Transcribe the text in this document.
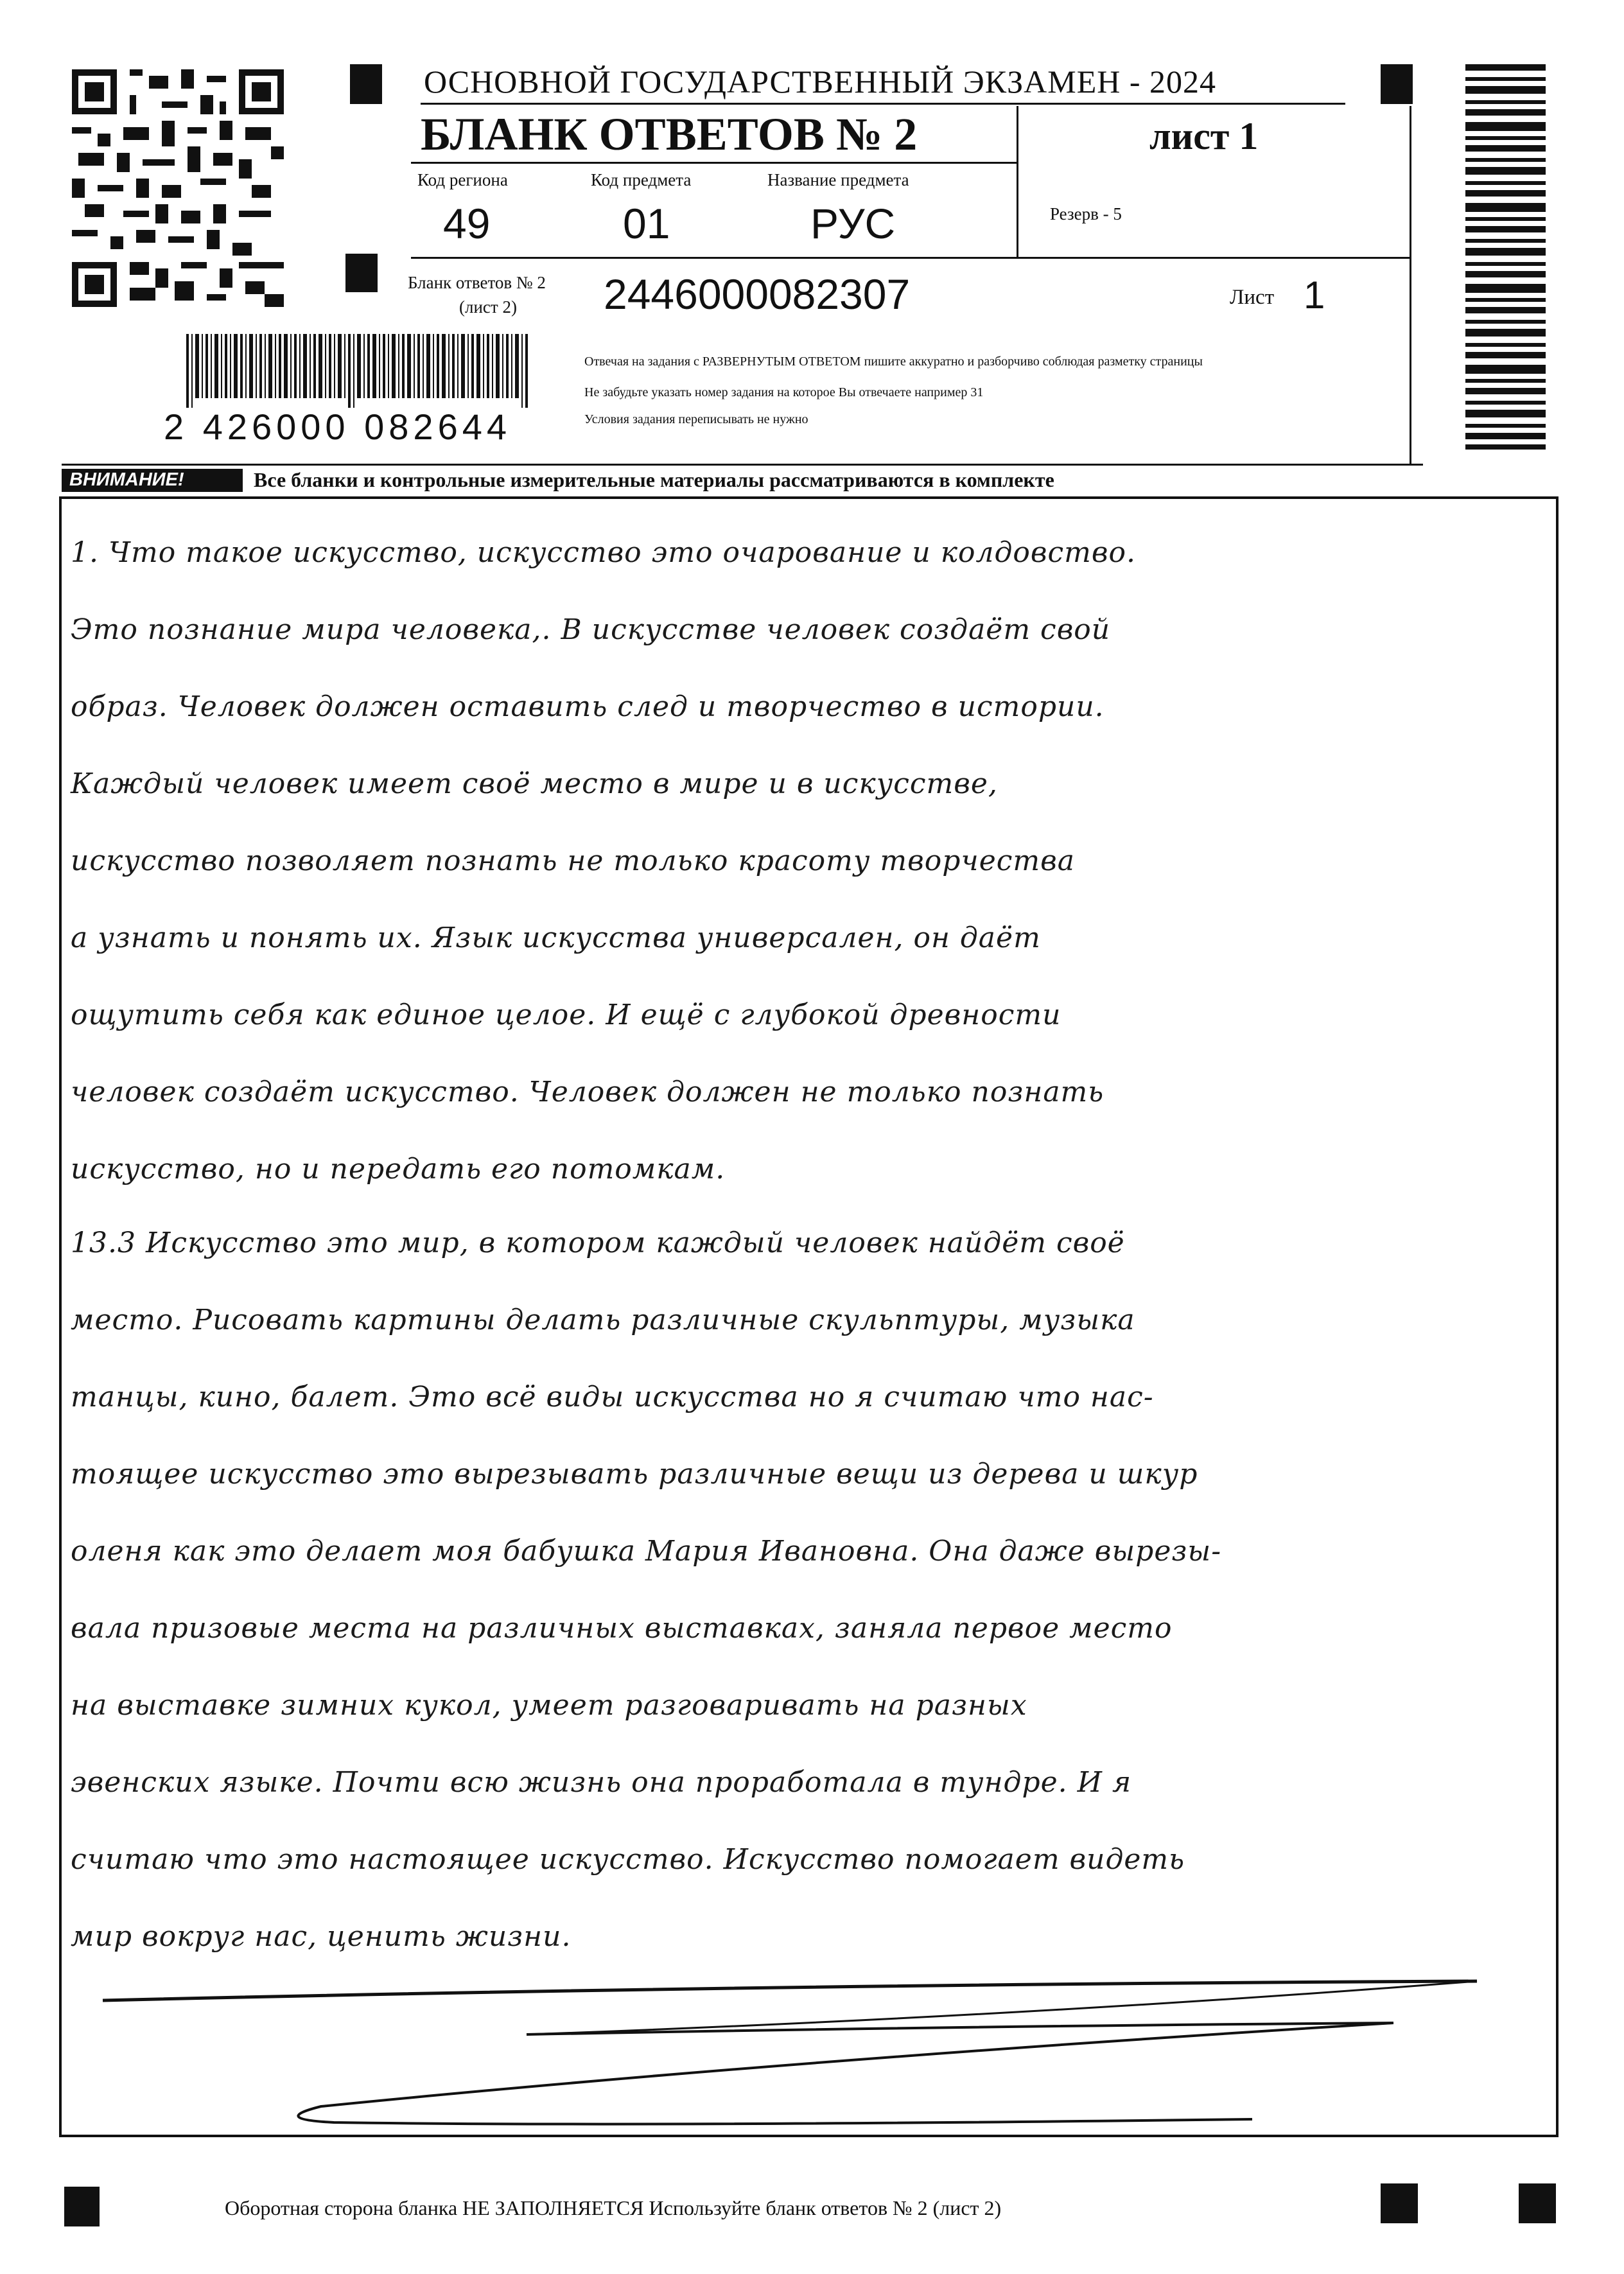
ОСНОВНОЙ ГОСУДАРСТВЕННЫЙ ЭКЗАМЕН - 2024
БЛАНК ОТВЕТОВ № 2	лист 1
Код региона
49
Код предмета
01
Название предмета
РУС	Резерв - 5
Бланк ответов № 2
(лист 2) 2446000082307	Лист 1
2 426000 082644
Отвечая на задания с РАЗВЕРНУТЫМ ОТВЕТОМ пишите аккуратно и разборчиво соблюдая разметку страницы
Не забудьте указать номер задания на которое Вы отвечаете например 31
Условия задания переписывать не нужно
ВНИМАНИЕ!	Все бланки и контрольные измерительные материалы рассматриваются в комплекте
1. Что такое искусство, искусство это очарование и колдовство.
Это познание мира человека,. В искусстве человек создаёт свой
образ. Человек должен оставить след и творчество в истории.
Каждый человек имеет своё место в мире и в искусстве,
искусство позволяет познать не только красоту творчества
а узнать и понять их. Язык искусства универсален, он даёт
ощутить себя как единое целое. И ещё с глубокой древности
человек создаёт искусство. Человек должен не только познать
искусство, но и передать его потомкам.
13.3 Искусство это мир, в котором каждый человек найдёт своё
место. Рисовать картины делать различные скульптуры, музыка
танцы, кино, балет. Это всё виды искусства но я считаю что нас-
тоящее искусство это вырезывать различные вещи из дерева и шкур
оленя как это делает моя бабушка Мария Ивановна. Она даже вырезы-
вала призовые места на различных выставках, заняла первое место
на выставке зимних кукол, умеет разговаривать на разных
эвенских языке. Почти всю жизнь она проработала в тундре. И я
считаю что это настоящее искусство. Искусство помогает видеть
мир вокруг нас, ценить жизни.
Оборотная сторона бланка НЕ ЗАПОЛНЯЕТСЯ Используйте бланк ответов № 2 (лист 2)
